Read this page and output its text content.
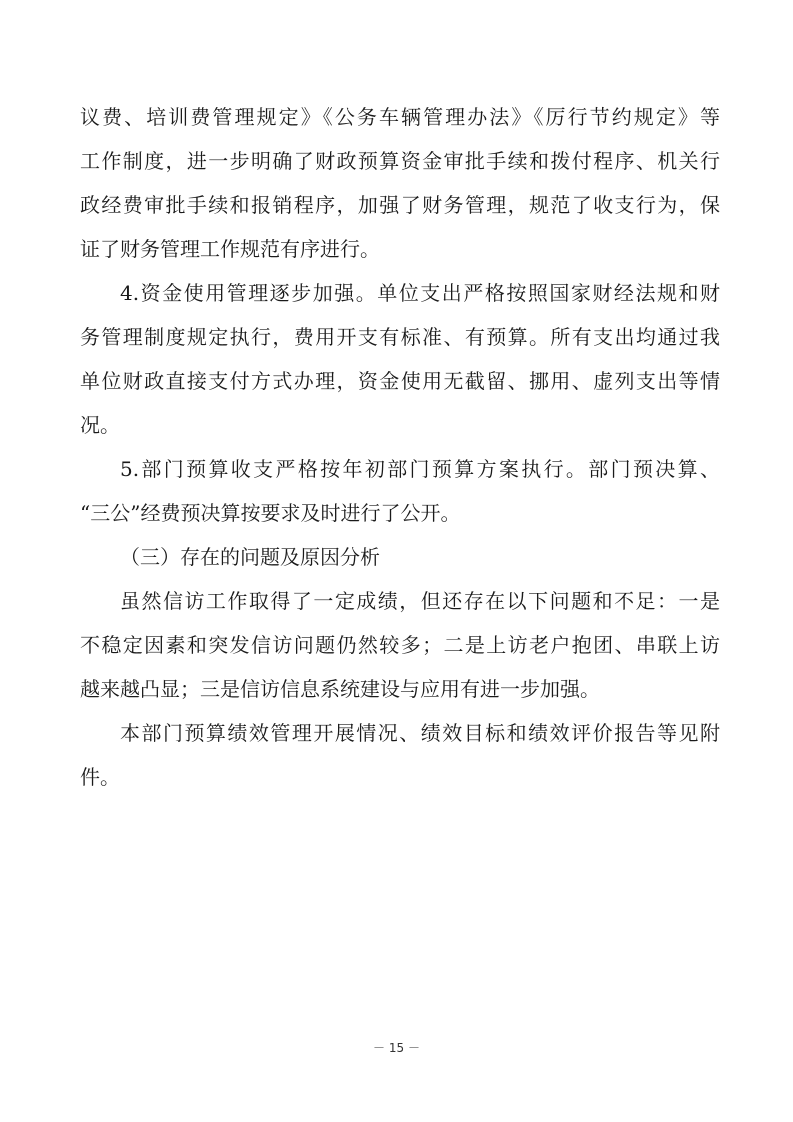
议费、培训费管理规定》《公务车辆管理办法》《厉行节约规定》等
工作制度，进一步明确了财政预算资金审批手续和拨付程序、机关行
政经费审批手续和报销程序，加强了财务管理，规范了收支行为，保
证了财务管理工作规范有序进行。
4.资金使用管理逐步加强。单位支出严格按照国家财经法规和财
务管理制度规定执行，费用开支有标准、有预算。所有支出均通过我
单位财政直接支付方式办理，资金使用无截留、挪用、虚列支出等情
况。
5.部门预算收支严格按年初部门预算方案执行。部门预决算、
“三公”经费预决算按要求及时进行了公开。
（三）存在的问题及原因分析
虽然信访工作取得了一定成绩，但还存在以下问题和不足：一是
不稳定因素和突发信访问题仍然较多；二是上访老户抱团、串联上访
越来越凸显；三是信访信息系统建设与应用有进一步加强。
本部门预算绩效管理开展情况、绩效目标和绩效评价报告等见附
件。
－ 15 －
